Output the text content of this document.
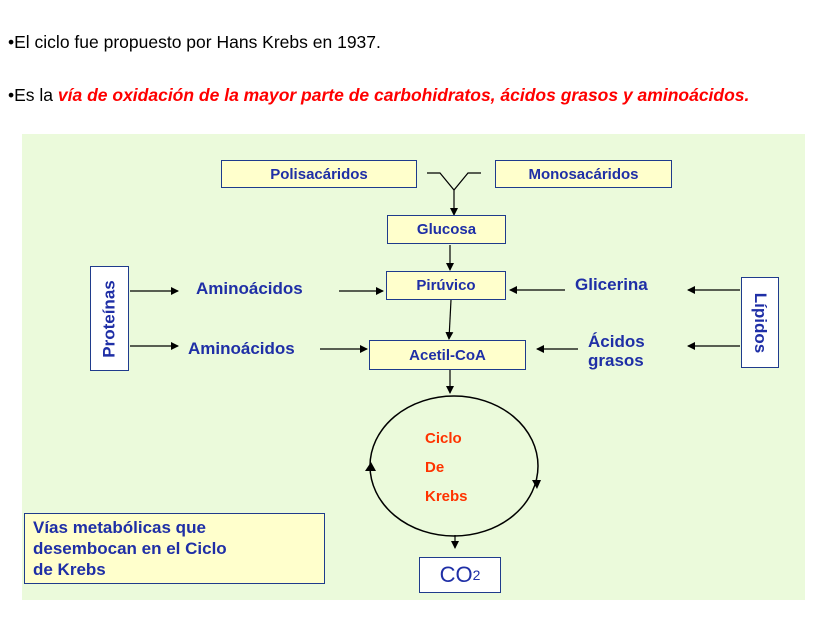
•El ciclo fue propuesto por Hans Krebs en 1937.
•Es la vía de oxidación de la mayor parte de carbohidratos, ácidos grasos y aminoácidos.
Polisacáridos	Monosacáridos
Glucosa
Pirúvico
Acetil-CoA
Aminoácidos
Aminoácidos
Glicerina
Ácidos
grasos
Proteínas	Lípidos
Ciclo
De
Krebs
Vías metabólicas que
desembocan en el Ciclo
de Krebs	CO 2
